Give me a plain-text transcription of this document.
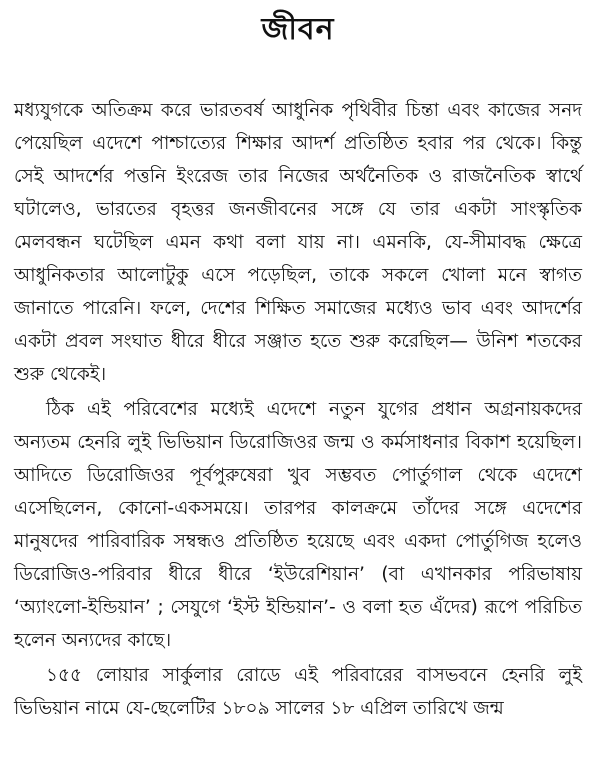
জীবন

মধ্যযুগকে অতিক্রম করে ভারতবর্ষ আধুনিক পৃথিবীর চিন্তা এবং কাজের সনদ পেয়েছিল এদেশে পাশ্চাত্যের শিক্ষার আদর্শ প্রতিষ্ঠিত হবার পর থেকে। কিন্তু সেই আদর্শের পত্তনি ইংরেজ তার নিজের অর্থনৈতিক ও রাজনৈতিক স্বার্থে ঘটালেও, ভারতের বৃহত্তর জনজীবনের সঙ্গে যে তার একটা সাংস্কৃতিক মেলবন্ধন ঘটেছিল এমন কথা বলা যায় না। এমনকি, যে-সীমাবদ্ধ ক্ষেত্রে আধুনিকতার আলোটুকু এসে পড়েছিল, তাকে সকলে খোলা মনে স্বাগত জানাতে পারেনি। ফলে, দেশের শিক্ষিত সমাজের মধ্যেও ভাব এবং আদর্শের একটা প্রবল সংঘাত ধীরে ধীরে সঞ্জাত হতে শুরু করেছিল— উনিশ শতকের শুরু থেকেই।

ঠিক এই পরিবেশের মধ্যেই এদেশে নতুন যুগের প্রধান অগ্রনায়কদের অন্যতম হেনরি লুই ভিভিয়ান ডিরোজিওর জন্ম ও কর্মসাধনার বিকাশ হয়েছিল। আদিতে ডিরোজিওর পূর্বপুরুষেরা খুব সম্ভবত পোর্তুগাল থেকে এদেশে এসেছিলেন, কোনো-একসময়ে। তারপর কালক্রমে তাঁদের সঙ্গে এদেশের মানুষদের পারিবারিক সম্বন্ধও প্রতিষ্ঠিত হয়েছে এবং একদা পোর্তুগিজ হলেও ডিরোজিও-পরিবার ধীরে ধীরে ‘ইউরেশিয়ান’ (বা এখানকার পরিভাষায় ‘অ্যাংলো-ইন্ডিয়ান’ ; সেযুগে ‘ইস্ট ইন্ডিয়ান’- ও বলা হত এঁদের) রূপে পরিচিত হলেন অন্যদের কাছে।

১৫৫ লোয়ার সার্কুলার রোডে এই পরিবারের বাসভবনে হেনরি লুই ভিভিয়ান নামে যে-ছেলেটির ১৮০৯ সালের ১৮ এপ্রিল তারিখে জন্ম
